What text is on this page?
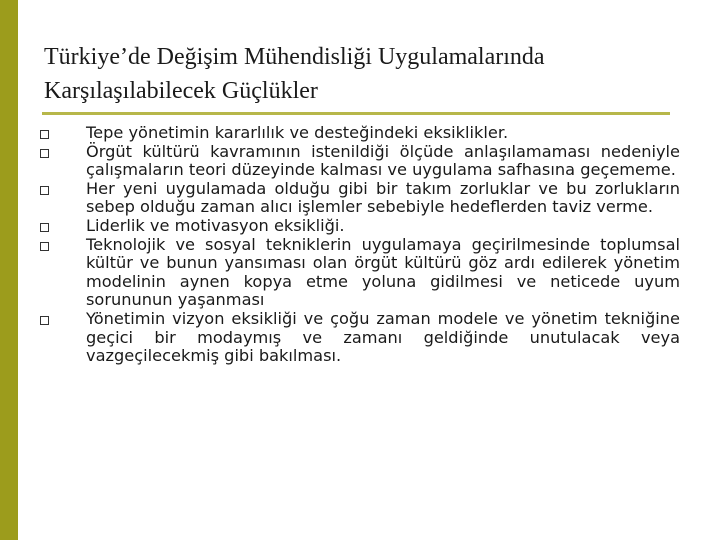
Türkiye’de Değişim Mühendisliği Uygulamalarında
Karşılaşılabilecek Güçlükler
Tepe yönetimin kararlılık ve desteğindeki eksiklikler.
Örgüt kültürü kavramının istenildiği ölçüde anlaşılamaması nedeniyle çalışmaların teori düzeyinde kalması ve uygulama safhasına geçememe.
Her yeni uygulamada olduğu gibi bir takım zorluklar ve bu zorlukların sebep olduğu zaman alıcı işlemler sebebiyle hedeflerden taviz verme.
Liderlik ve motivasyon eksikliği.
Teknolojik ve sosyal tekniklerin uygulamaya geçirilmesinde toplumsal kültür ve bunun yansıması olan örgüt kültürü göz ardı edilerek yönetim modelinin aynen kopya etme yoluna gidilmesi ve neticede uyum sorununun yaşanması
Yönetimin vizyon eksikliği ve çoğu zaman modele ve yönetim tekniğine geçici bir modaymış ve zamanı geldiğinde unutulacak veya vazgeçilecekmiş gibi bakılması.
